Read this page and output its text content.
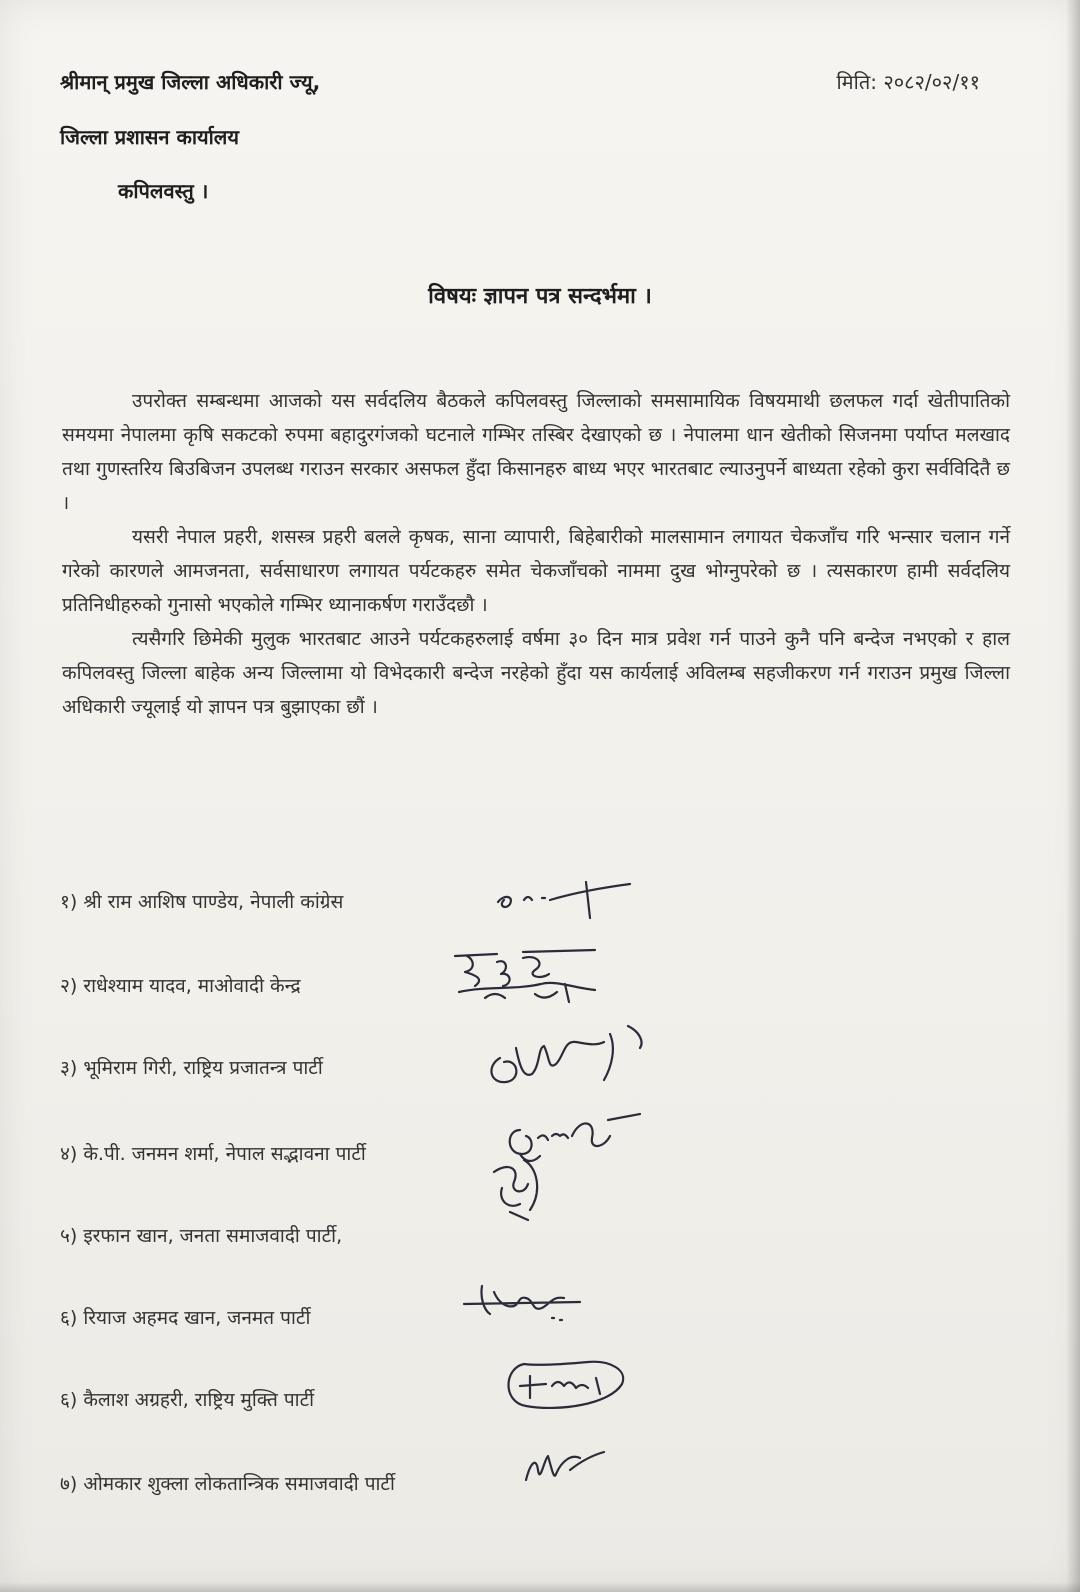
श्रीमान् प्रमुख जिल्ला अधिकारी ज्यू,
जिल्ला प्रशासन कार्यालय
कपिलवस्तु ।
मिति: २०८२/०२/११
विषयः ज्ञापन पत्र सन्दर्भमा ।

उपरोक्त सम्बन्धमा आजको यस सर्वदलिय बैठकले कपिलवस्तु जिल्लाको समसामायिक विषयमाथी छलफल गर्दा खेतीपातिको समयमा नेपालमा कृषि सकटको रुपमा बहादुरगंजको घटनाले गम्भिर तस्बिर देखाएको छ । नेपालमा धान खेतीको सिजनमा पर्याप्त मलखाद तथा गुणस्तरिय बिउबिजन उपलब्ध गराउन सरकार असफल हुँदा किसानहरु बाध्य भएर भारतबाट ल्याउनुपर्ने बाध्यता रहेको कुरा सर्वविदितै छ ।

यसरी नेपाल प्रहरी, शसस्त्र प्रहरी बलले कृषक, साना व्यापारी, बिहेबारीको मालसामान लगायत चेकजाँच गरि भन्सार चलान गर्ने गरेको कारणले आमजनता, सर्वसाधारण लगायत पर्यटकहरु समेत चेकजाँचको नाममा दुख भोग्नुपरेको छ । त्यसकारण हामी सर्वदलिय प्रतिनिधीहरुको गुनासो भएकोले गम्भिर ध्यानाकर्षण गराउँदछौ ।

त्यसैगरि छिमेकी मुलुक भारतबाट आउने पर्यटकहरुलाई वर्षमा ३० दिन मात्र प्रवेश गर्न पाउने कुनै पनि बन्देज नभएको र हाल कपिलवस्तु जिल्ला बाहेक अन्य जिल्लामा यो विभेदकारी बन्देज नरहेको हुँदा यस कार्यलाई अविलम्ब सहजीकरण गर्न गराउन प्रमुख जिल्ला अधिकारी ज्यूलाई यो ज्ञापन पत्र बुझाएका छौं ।

१) श्री राम आशिष पाण्डेय, नेपाली कांग्रेस
२) राधेश्याम यादव, माओवादी केन्द्र
३) भूमिराम गिरी, राष्ट्रिय प्रजातन्त्र पार्टी
४) के.पी. जनमन शर्मा, नेपाल सद्भावना पार्टी
५) इरफान खान, जनता समाजवादी पार्टी,
६) रियाज अहमद खान, जनमत पार्टी
६) कैलाश अग्रहरी, राष्ट्रिय मुक्ति पार्टी
७) ओमकार शुक्ला लोकतान्त्रिक समाजवादी पार्टी
